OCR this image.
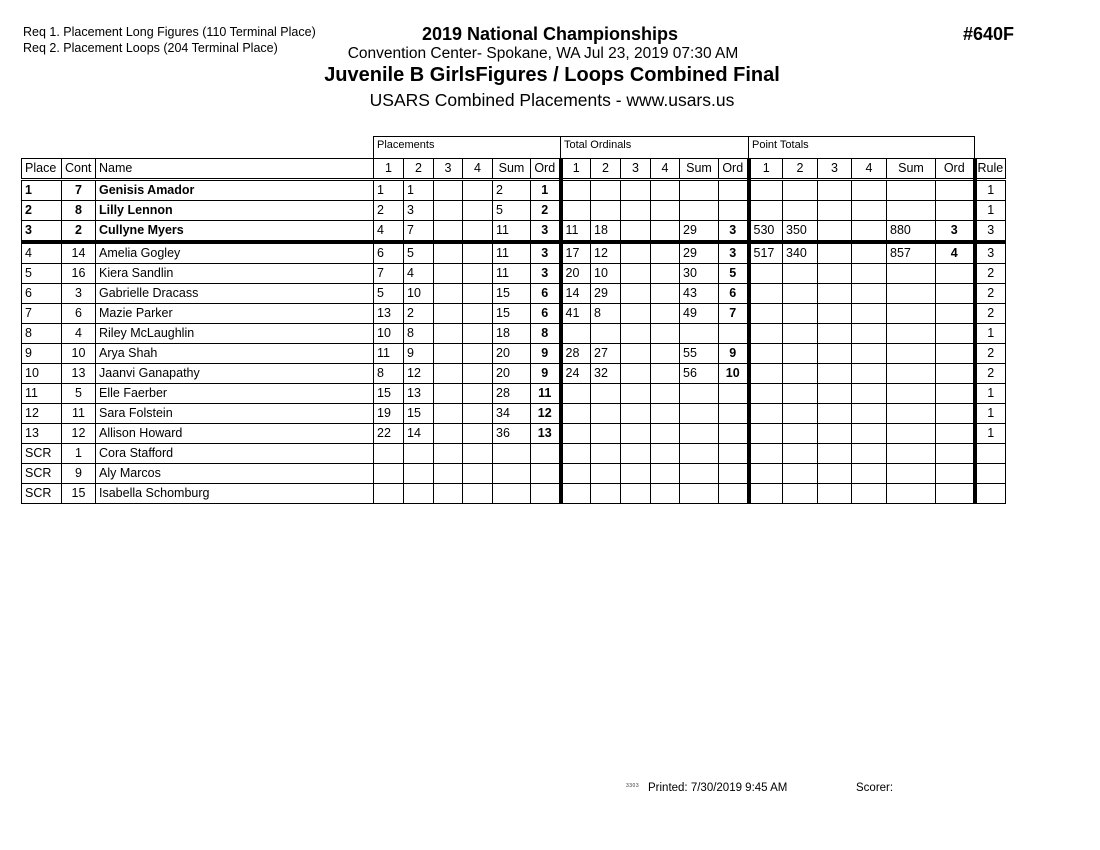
Req 1. Placement Long Figures (110 Terminal Place)
Req 2. Placement Loops (204 Terminal Place)
2019 National Championships
Convention Center- Spokane, WA Jul 23, 2019 07:30 AM
Juvenile B GirlsFigures / Loops Combined Final
USARS Combined Placements - www.usars.us
#640F
			Placements						Total Ordinals						Point Totals						
Place	Cont	Name	1	2	3	4	Sum	Ord	1	2	3	4	Sum	Ord	1	2	3	4	Sum	Ord	Rule
1	7	Genisis Amador	1	1			2	1													1
2	8	Lilly Lennon	2	3			5	2													1
3	2	Cullyne Myers	4	7			11	3	11	18			29	3	530	350			880	3	3
4	14	Amelia Gogley	6	5			11	3	17	12			29	3	517	340			857	4	3
5	16	Kiera Sandlin	7	4			11	3	20	10			30	5							2
6	3	Gabrielle Dracass	5	10			15	6	14	29			43	6							2
7	6	Mazie Parker	13	2			15	6	41	8			49	7							2
8	4	Riley McLaughlin	10	8			18	8													1
9	10	Arya Shah	11	9			20	9	28	27			55	9							2
10	13	Jaanvi Ganapathy	8	12			20	9	24	32			56	10							2
11	5	Elle Faerber	15	13			28	11													1
12	11	Sara Folstein	19	15			34	12													1
13	12	Allison Howard	22	14			36	13													1
SCR	1	Cora Stafford																			
SCR	9	Aly Marcos																			
SCR	15	Isabella Schomburg																			
3303 Printed: 7/30/2019 9:45 AM	Scorer:
